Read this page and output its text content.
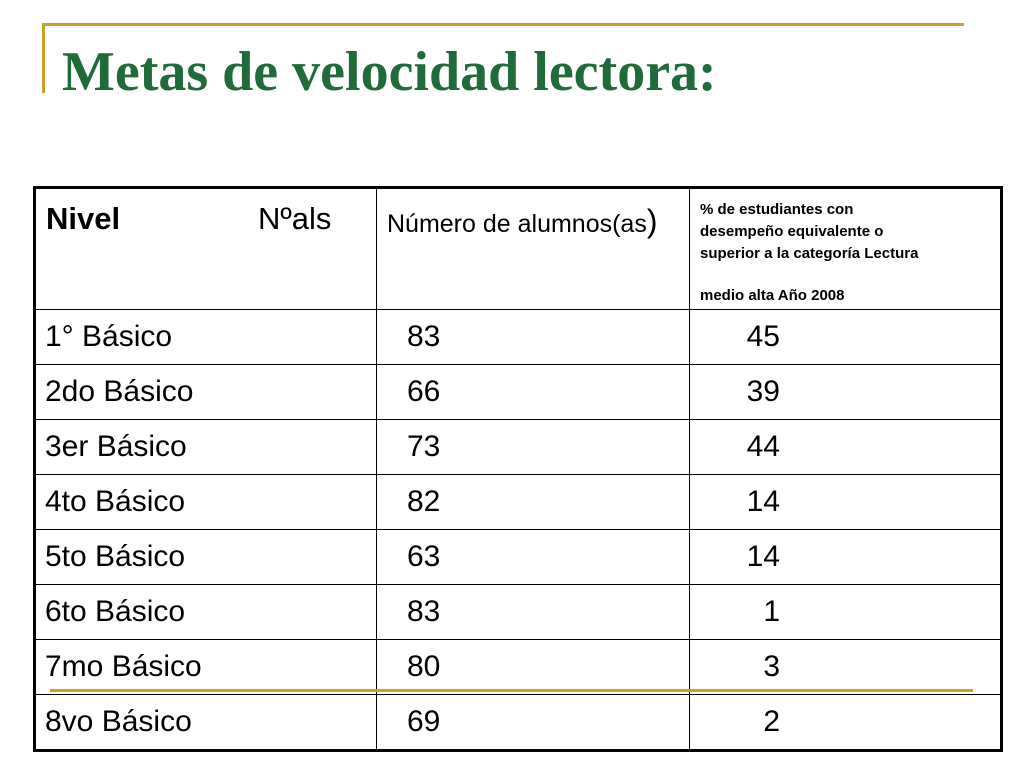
Metas de velocidad lectora:
Nivel Nºals	Número de alumnos(as)	% de estudiantes con
desempeño equivalente o
superior a la categoría Lectura
medio alta Año 2008

1° Básico	83	45
2do Básico	66	39
3er Básico	73	44
4to Básico	82	14
5to Básico	63	14
6to Básico	83	1
7mo Básico	80	3
8vo Básico	69	2
